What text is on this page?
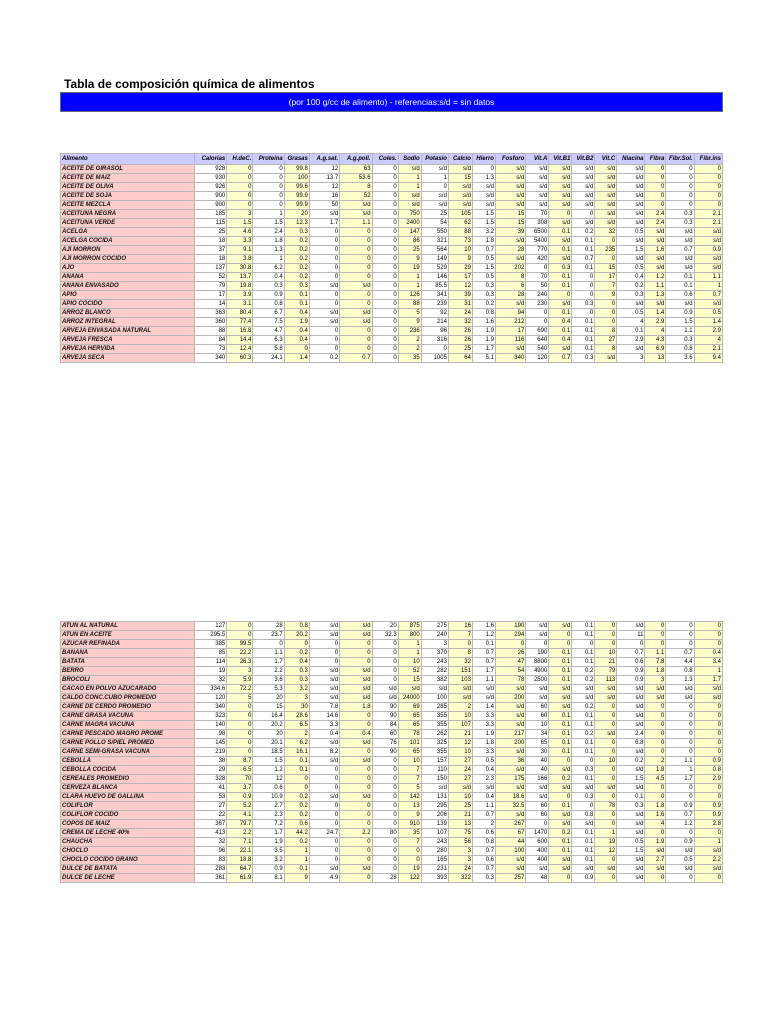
Tabla de composición química de alimentos
(por 100 g/cc de alimento) - referencias:s/d = sin datos
Alimento	Calorias	H.deC.	Proteina	Grasas	A.g.sat.	A.g.poli.	Coles.	Sodio	Potasio	Calcio	Hierro	Fosforo	Vit.A	Vit.B1	Vit.B2	Vit.C	Niacina	Fibra	Fibr.Sol.	Fibr.ins
ACEITE DE GIRASOL	928	0	0	99.8	12	63	0	s/d	s/d	s/d	0	s/d	s/d	s/d	s/d	s/d	s/d	0	0	0
ACEITE DE MAIZ	930	0	0	100	13.7	53.6	0	1	1	15	1.3	s/d	s/d	s/d	s/d	s/d	s/d	0	0	0
ACEITE DE OLIVA	926	0	0	99.6	12	8	0	1	0	s/d	s/d	s/d	s/d	s/d	s/d	s/d	s/d	0	0	0
ACEITE DE SOJA	900	0	0	99.9	16	52	0	s/d	s/d	s/d	s/d	s/d	s/d	s/d	s/d	s/d	s/d	0	0	0
ACEITE MEZCLA	900	0	0	99.9	50	s/d	0	s/d	s/d	s/d	s/d	s/d	s/d	s/d	s/d	s/d	s/d	0	0	0
ACEITUNA NEGRA	185	3	1	20	s/d	s/d	0	750	25	105	1.5	15	70	0	0	s/d	s/d	2.4	0.3	2.1
ACEITUNA VERDE	115	1.5	1.5	12.3	1.7	1.1	0	2400	54	62	1.5	15	308	s/d	s/d	s/d	s/d	2.4	0.3	2.1
ACELGA	25	4.6	2.4	0.3	0	0	0	147	550	88	3.2	39	6500	0.1	0.2	32	0.5	s/d	s/d	s/d
ACELGA COCIDA	18	3.3	1.8	0.2	0	0	0	86	321	73	1.8	s/d	5400	s/d	0.1	0	s/d	s/d	s/d	s/d
AJI MORRON	37	9.1	1.3	0.2	0	0	0	25	564	10	0.7	28	770	0.1	0.1	235	1.5	1.6	0.7	0.9
AJI MORRON COCIDO	18	3.8	1	0.2	0	0	0	9	149	9	0.5	s/d	420	s/d	0.7	0	s/d	s/d	s/d	s/d
AJO	137	30.8	6.2	0.2	0	0	0	19	529	29	1.5	202	0	0.3	0.1	15	0.5	s/d	s/d	s/d
ANANA	52	13.7	0.4	0.2	0	0	0	1	146	17	0.5	8	70	0.1	0	17	0.4	1.2	0.1	1.1
ANANA ENVASADO	79	19.8	0.3	0.3	s/d	s/d	0	1	85.5	12	0.3	6	50	0.1	0	7	0.2	1.1	0.1	1
APIO	17	3.9	0.9	0.1	0	0	0	126	341	39	0.3	28	240	0	0	9	0.3	1.3	0.6	0.7
APIO COCIDO	14	3.1	0.8	0.1	0	0	0	88	239	31	0.2	s/d	230	s/d	0.3	0	s/d	s/d	s/d	s/d
ARROZ BLANCO	363	80.4	6.7	0.4	s/d	s/d	0	5	92	24	0.8	94	0	0.1	0	0	0.5	1.4	0.9	0.5
ARROZ INTEGRAL	360	77.4	7.5	1.9	s/d	s/d	0	9	214	32	1.6	212	0	0.4	0.1	0	4	2.9	1.5	1.4
ARVEJA ENVASADA NATURAL	88	16.8	4.7	0.4	0	0	0	236	96	26	1.9	17	690	0.1	0.1	8	0.1	4	1.1	2.9
ARVEJA FRESCA	84	14.4	6.3	0.4	0	0	0	2	316	26	1.9	116	640	0.4	0.1	27	2.9	4.3	0.3	4
ARVEJA HERVIDA	73	12.4	5.8	0	0	0	0	2	0	25	1.7	s/d	540	s/d	0.1	8	s/d	6.9	0.8	2.1
ARVEJA SECA	340	60.3	24.1	1.4	0.2	0.7	0	35	1005	64	5.1	340	120	0.7	0.3	s/d	3	13	3.6	9.4
ATUN AL NATURAL	127	0	28	0.8	s/d	s/d	20	875	275	16	1.6	190	s/d	s/d	0.1	0	s/d	0	0	0
ATUN EN ACEITE	295.5	0	23.7	20.2	s/d	s/d	32.3	800	240	7	1.2	294	s/d	0	0.1	0	11	0	0	0
AZUCAR REFINADA	385	99.5	0	0	0	0	0	1	3	0	0.1	0	0	0	0	0	0	0	0	0
BANANA	85	22.2	1.1	0.2	0	0	0	1	370	8	0.7	26	190	0.1	0.1	10	0.7	1.1	0.7	0.4
BATATA	114	26.3	1.7	0.4	0	0	0	10	243	32	0.7	47	8800	0.1	0.1	21	0.6	7.8	4.4	3.4
BERRO	19	3	2.2	0.3	s/d	s/d	0	52	282	151	1.7	54	4900	0.1	0.2	79	0.9	1.8	0.8	1
BROCOLI	32	5.9	3.6	0.3	s/d	s/d	0	15	382	103	1.1	78	2500	0.1	0.2	113	0.9	3	1.3	1.7
CACAO EN POLVO AZUCARADO	334.6	72.2	5.3	3.2	s/d	s/d	s/d	s/d	s/d	s/d	s/d	s/d	s/d	s/d	s/d	s/d	s/d	s/d	s/d	s/d
CALDO CONC.CUBO PROMEDIO	120	5	20	3	s/d	s/d	s/d	24000	100	s/d	s/d	200	s/d	s/d	s/d	s/d	s/d	s/d	s/d	s/d
CARNE DE CERDO PROMEDIO	340	0	15	30	7.8	1.8	90	69	285	2	1.4	s/d	60	s/d	0.2	0	s/d	0	0	0
CARNE GRASA VACUNA	323	0	16.4	28.6	14.6	0	90	65	355	10	3.3	s/d	60	0.1	0.1	0	s/d	0	0	0
CARNE MAGRA VACUNA	140	0	20.2	6.5	3.3	0	84	65	355	107	3.3	s/d	10	0.1	0.1	0	s/d	0	0	0
CARNE PESCADO MAGRO PROME	98	0	20	2	0.4	0.4	60	78	262	21	1.9	217	34	0.1	0.2	s/d	2.4	0	0	0
CARNE POLLO S/PIEL PROMED	145	0	20.1	6.2	s/d	s/d	76	101	325	12	1.8	200	65	0.1	0.1	0	6.8	0	0	0
CARNE SEMI-GRASA VACUNA	219	0	18.5	16.1	8.2	0	90	65	355	10	3.3	s/d	30	0.1	0.1	0	s/d	0	0	0
CEBOLLA	38	8.7	1.5	0.1	s/d	s/d	0	10	157	27	0.5	36	40	0	0	10	0.2	2	1.1	0.9
CEBOLLA COCIDA	29	6.5	1.2	0.1	0	0	0	7	110	24	0.4	s/d	40	s/d	0.3	0	s/d	1.8	1	0.8
CEREALES PROMEDIO	328	70	12	0	0	0	0	7	150	27	2.3	175	166	0.2	0.1	0	1.5	4.5	1.7	2.9
CERVEZA BLANCA	41	3.7	0.6	0	0	0	0	5	s/d	s/d	s/d	s/d	s/d	s/d	s/d	s/d	s/d	0	0	0
CLARA HUEVO DE GALLINA	53	0.9	10.9	0.2	s/d	s/d	0	142	131	10	0.4	18.6	s/d	0	0.3	0	0.1	0	0	0
COLIFLOR	27	5.2	2.7	0.2	0	0	0	13	295	25	1.1	32.5	60	0.1	0	78	0.3	1.8	0.9	0.9
COLIFLOR COCIDO	22	4.1	2.3	0.2	0	0	0	9	206	21	0.7	s/d	60	s/d	0.8	0	s/d	1.6	0.7	0.9
COPOS DE MAIZ	367	79.7	7.2	0.6	0	0	0	910	139	13	2	267	0	s/d	s/d	0	s/d	4	1.2	2.8
CREMA DE LECHE 40%	413	2.2	1.7	44.2	24.7	2.2	80	35	107	75	0.6	67	1470	0.2	0.1	1	s/d	0	0	0
CHAUCHA	32	7.1	1.9	0.2	0	0	0	7	243	56	0.8	44	600	0.1	0.1	19	0.5	1.9	0.9	1
CHOCLO	96	22.1	3.5	1	0	0	0	0	280	3	0.7	100	400	0.1	0.1	12	1.5	s/d	s/d	s/d
CHOCLO COCIDO GRANO	83	18.8	3.2	1	0	0	0	0	165	3	0.6	s/d	400	s/d	0.1	0	s/d	2.7	0.5	2.2
DULCE DE BATATA	283	64.7	0.9	0.1	s/d	s/d	0	19	231	24	0.7	s/d	s/d	s/d	s/d	s/d	s/d	s/d	s/d	s/d
DULCE DE LECHE	361	61.9	8.1	9	4.9	0	28	122	393	322	0.3	257	48	0	0.9	0	s/d	0	0	0
